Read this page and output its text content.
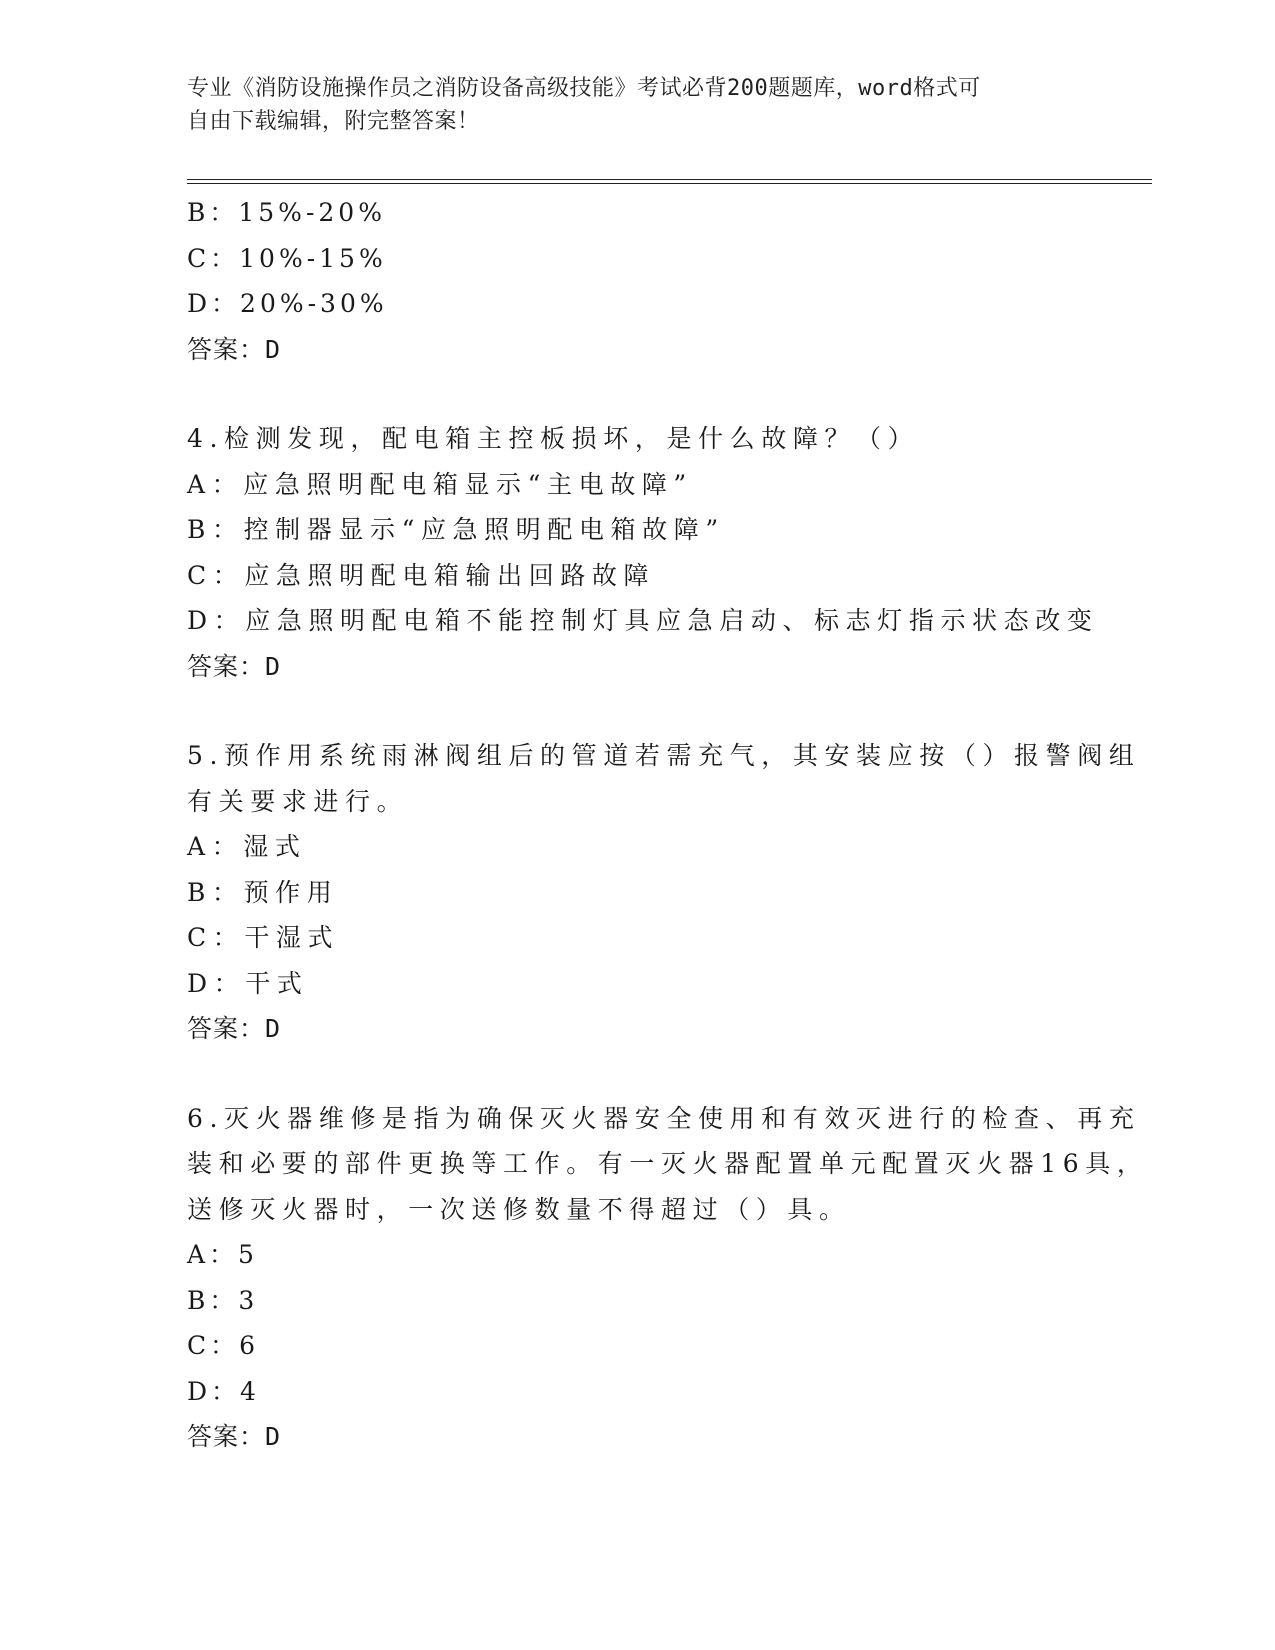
专业《消防设施操作员之消防设备高级技能》考试必背200题题库，word格式可
自由下载编辑，附完整答案！
B：15%-20%
C：10%-15%
D：20%-30%
答案：D
4.检测发现，配电箱主控板损坏，是什么故障？（）
A：应急照明配电箱显示“主电故障”
B：控制器显示“应急照明配电箱故障”
C：应急照明配电箱输出回路故障
D：应急照明配电箱不能控制灯具应急启动、标志灯指示状态改变
答案：D
5.预作用系统雨淋阀组后的管道若需充气，其安装应按（）报警阀组
有关要求进行。
A：湿式
B：预作用
C：干湿式
D：干式
答案：D
6.灭火器维修是指为确保灭火器安全使用和有效灭进行的检查、再充
装和必要的部件更换等工作。有一灭火器配置单元配置灭火器16具，
送修灭火器时，一次送修数量不得超过（）具。
A：5
B：3
C：6
D：4
答案：D
